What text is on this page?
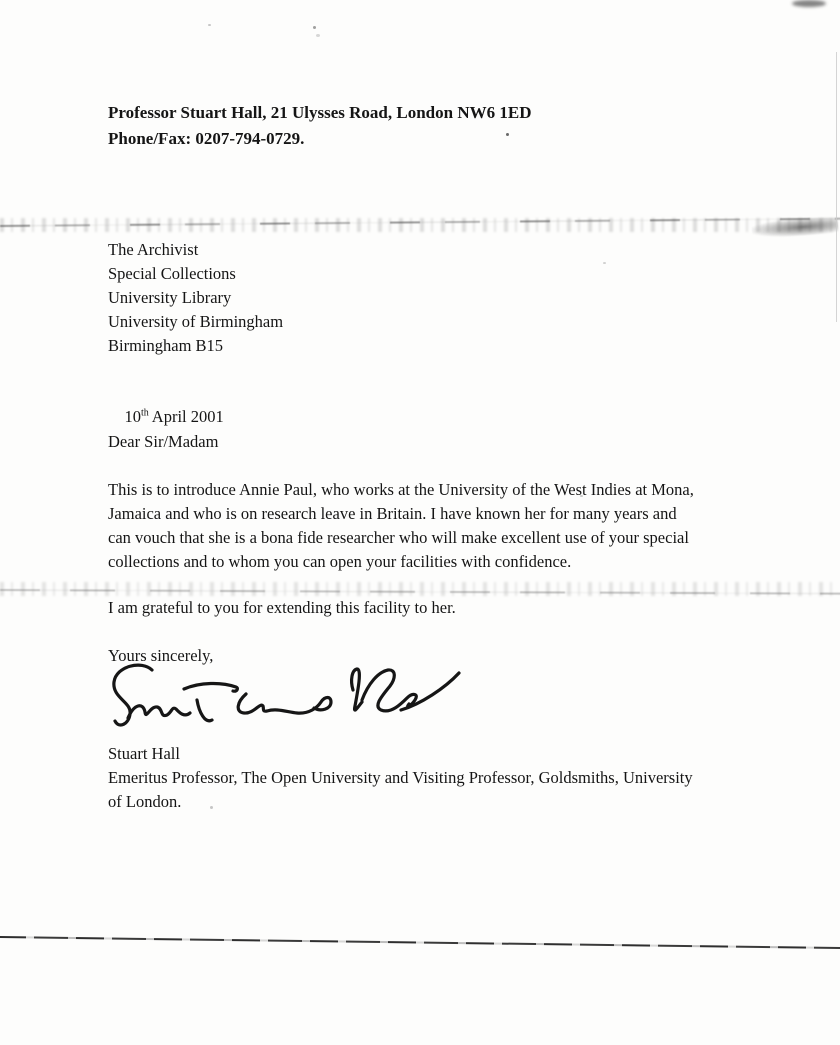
Professor Stuart Hall, 21 Ulysses Road, London NW6 1ED
Phone/Fax: 0207-794-0729.
The Archivist
Special Collections
University Library
University of Birmingham
Birmingham B15

10th April 2001

Dear Sir/Madam
This is to introduce Annie Paul, who works at the University of the West Indies at Mona,
Jamaica and who is on research leave in Britain. I have known her for many years and
can vouch that she is a bona fide researcher who will make excellent use of your special
collections and to whom you can open your facilities with confidence.
I am grateful to you for extending this facility to her.
Yours sincerely,
Stuart Hall
Emeritus Professor, The Open University and Visiting Professor, Goldsmiths, University
of London.
